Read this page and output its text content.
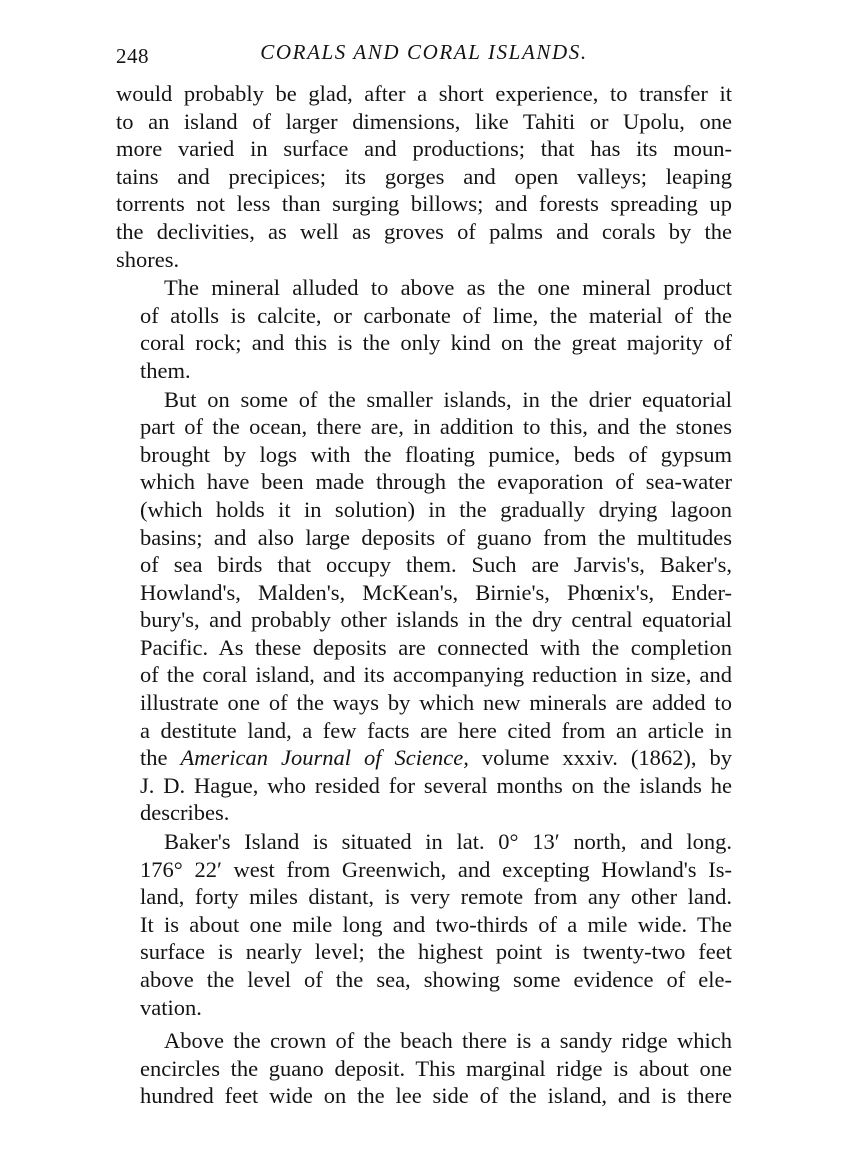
248	CORALS AND CORAL ISLANDS.

would probably be glad, after a short experience, to transfer it
to an island of larger dimensions, like Tahiti or Upolu, one
more varied in surface and productions; that has its moun-
tains and precipices; its gorges and open valleys; leaping
torrents not less than surging billows; and forests spreading up
the declivities, as well as groves of palms and corals by the
shores.

The mineral alluded to above as the one mineral product
of atolls is calcite, or carbonate of lime, the material of the
coral rock; and this is the only kind on the great majority of
them.

But on some of the smaller islands, in the drier equatorial
part of the ocean, there are, in addition to this, and the stones
brought by logs with the floating pumice, beds of gypsum
which have been made through the evaporation of sea-water
(which holds it in solution) in the gradually drying lagoon
basins; and also large deposits of guano from the multitudes
of sea birds that occupy them. Such are Jarvis's, Baker's,
Howland's, Malden's, McKean's, Birnie's, Phœnix's, Ender-
bury's, and probably other islands in the dry central equatorial
Pacific. As these deposits are connected with the completion
of the coral island, and its accompanying reduction in size, and
illustrate one of the ways by which new minerals are added to
a destitute land, a few facts are here cited from an article in
the American Journal of Science, volume xxxiv. (1862), by
J. D. Hague, who resided for several months on the islands he
describes.

Baker's Island is situated in lat. 0° 13′ north, and long.
176° 22′ west from Greenwich, and excepting Howland's Is-
land, forty miles distant, is very remote from any other land.
It is about one mile long and two-thirds of a mile wide. The
surface is nearly level; the highest point is twenty-two feet
above the level of the sea, showing some evidence of ele-
vation.

Above the crown of the beach there is a sandy ridge which
encircles the guano deposit. This marginal ridge is about one
hundred feet wide on the lee side of the island, and is there
